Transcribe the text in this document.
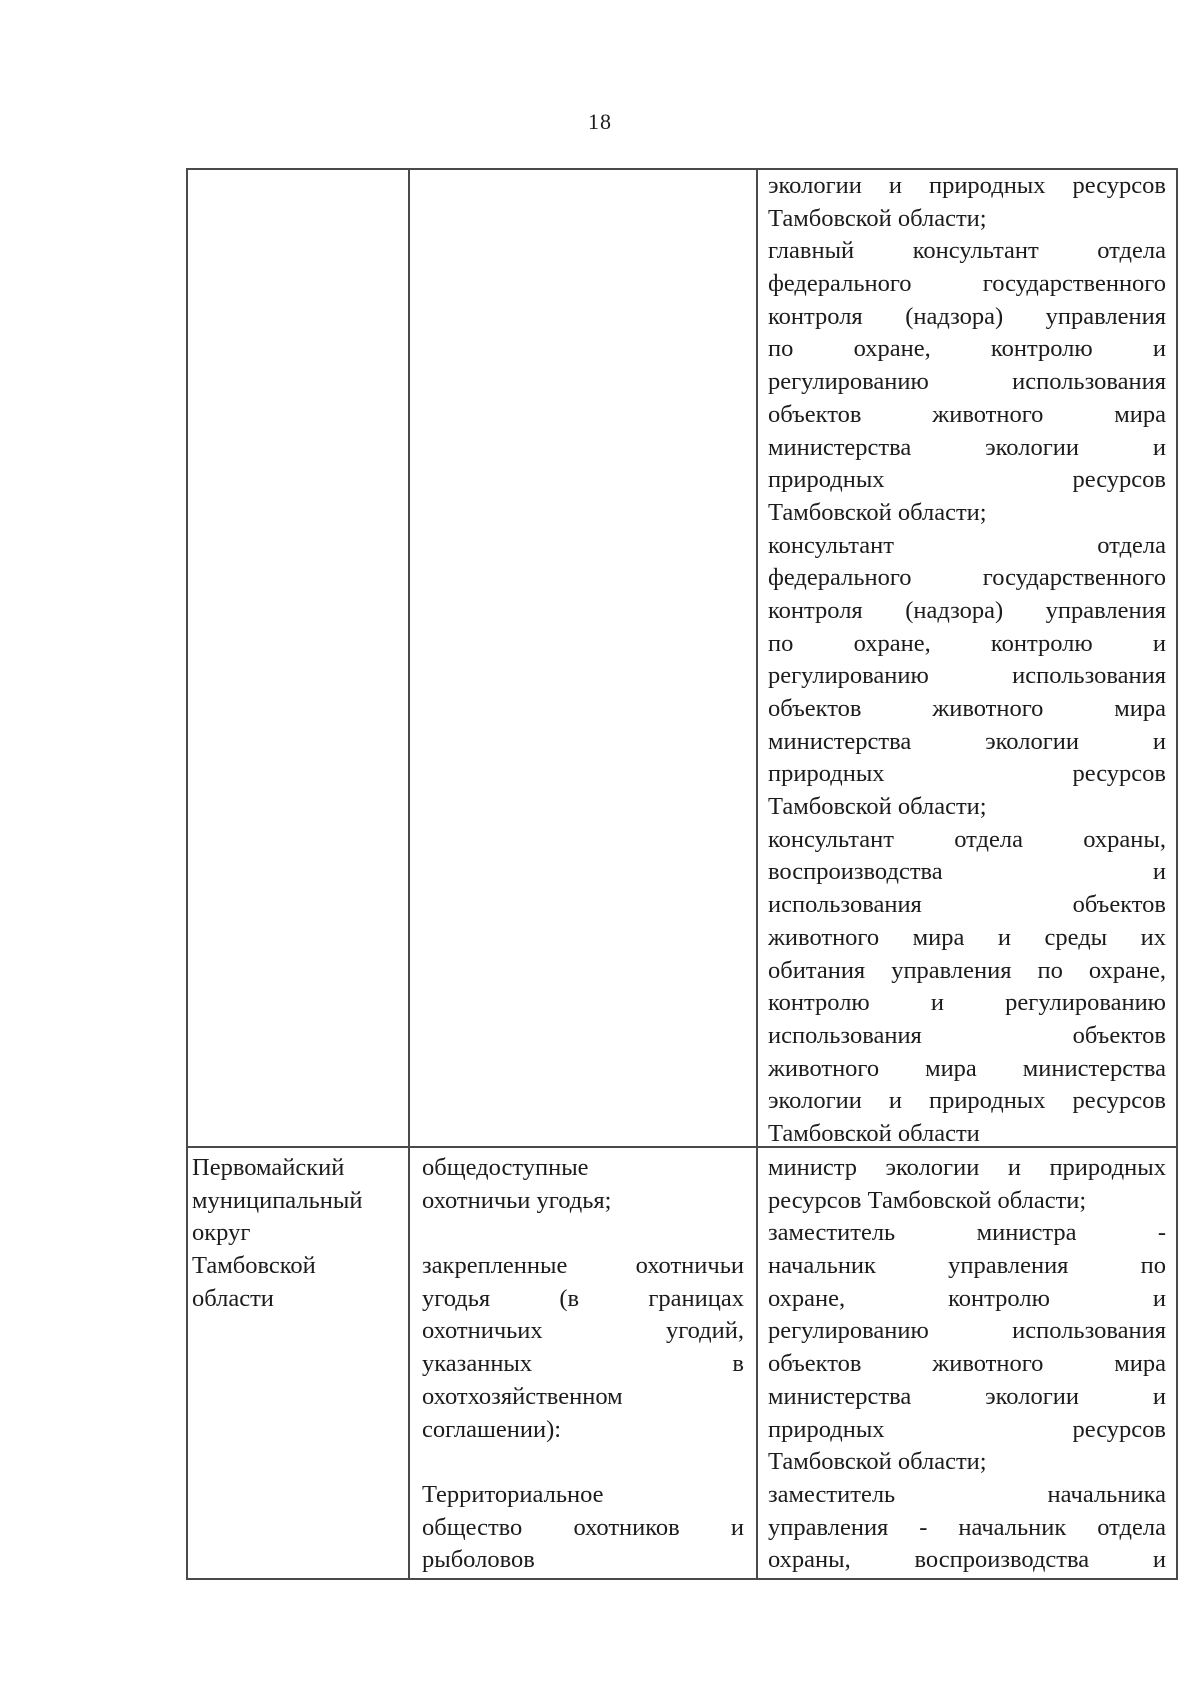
18
экологии и природных ресурсов
Тамбовской области;
главный консультант отдела
федерального государственного
контроля (надзора) управления
по охране, контролю и
регулированию использования
объектов животного мира
министерства экологии и
природных ресурсов
Тамбовской области;
консультант отдела
федерального государственного
контроля (надзора) управления
по охране, контролю и
регулированию использования
объектов животного мира
министерства экологии и
природных ресурсов
Тамбовской области;
консультант отдела охраны,
воспроизводства и
использования объектов
животного мира и среды их
обитания управления по охране,
контролю и регулированию
использования объектов
животного мира министерства
экологии и природных ресурсов
Тамбовской области
Первомайский
муниципальный
округ
Тамбовской
области
общедоступные
охотничьи угодья;
закрепленные охотничьи
угодья (в границах
охотничьих угодий,
указанных в
охотхозяйственном
соглашении):
Территориальное
общество охотников и
рыболовов
министр экологии и природных
ресурсов Тамбовской области;
заместитель министра -
начальник управления по
охране, контролю и
регулированию использования
объектов животного мира
министерства экологии и
природных ресурсов
Тамбовской области;
заместитель начальника
управления - начальник отдела
охраны, воспроизводства и
